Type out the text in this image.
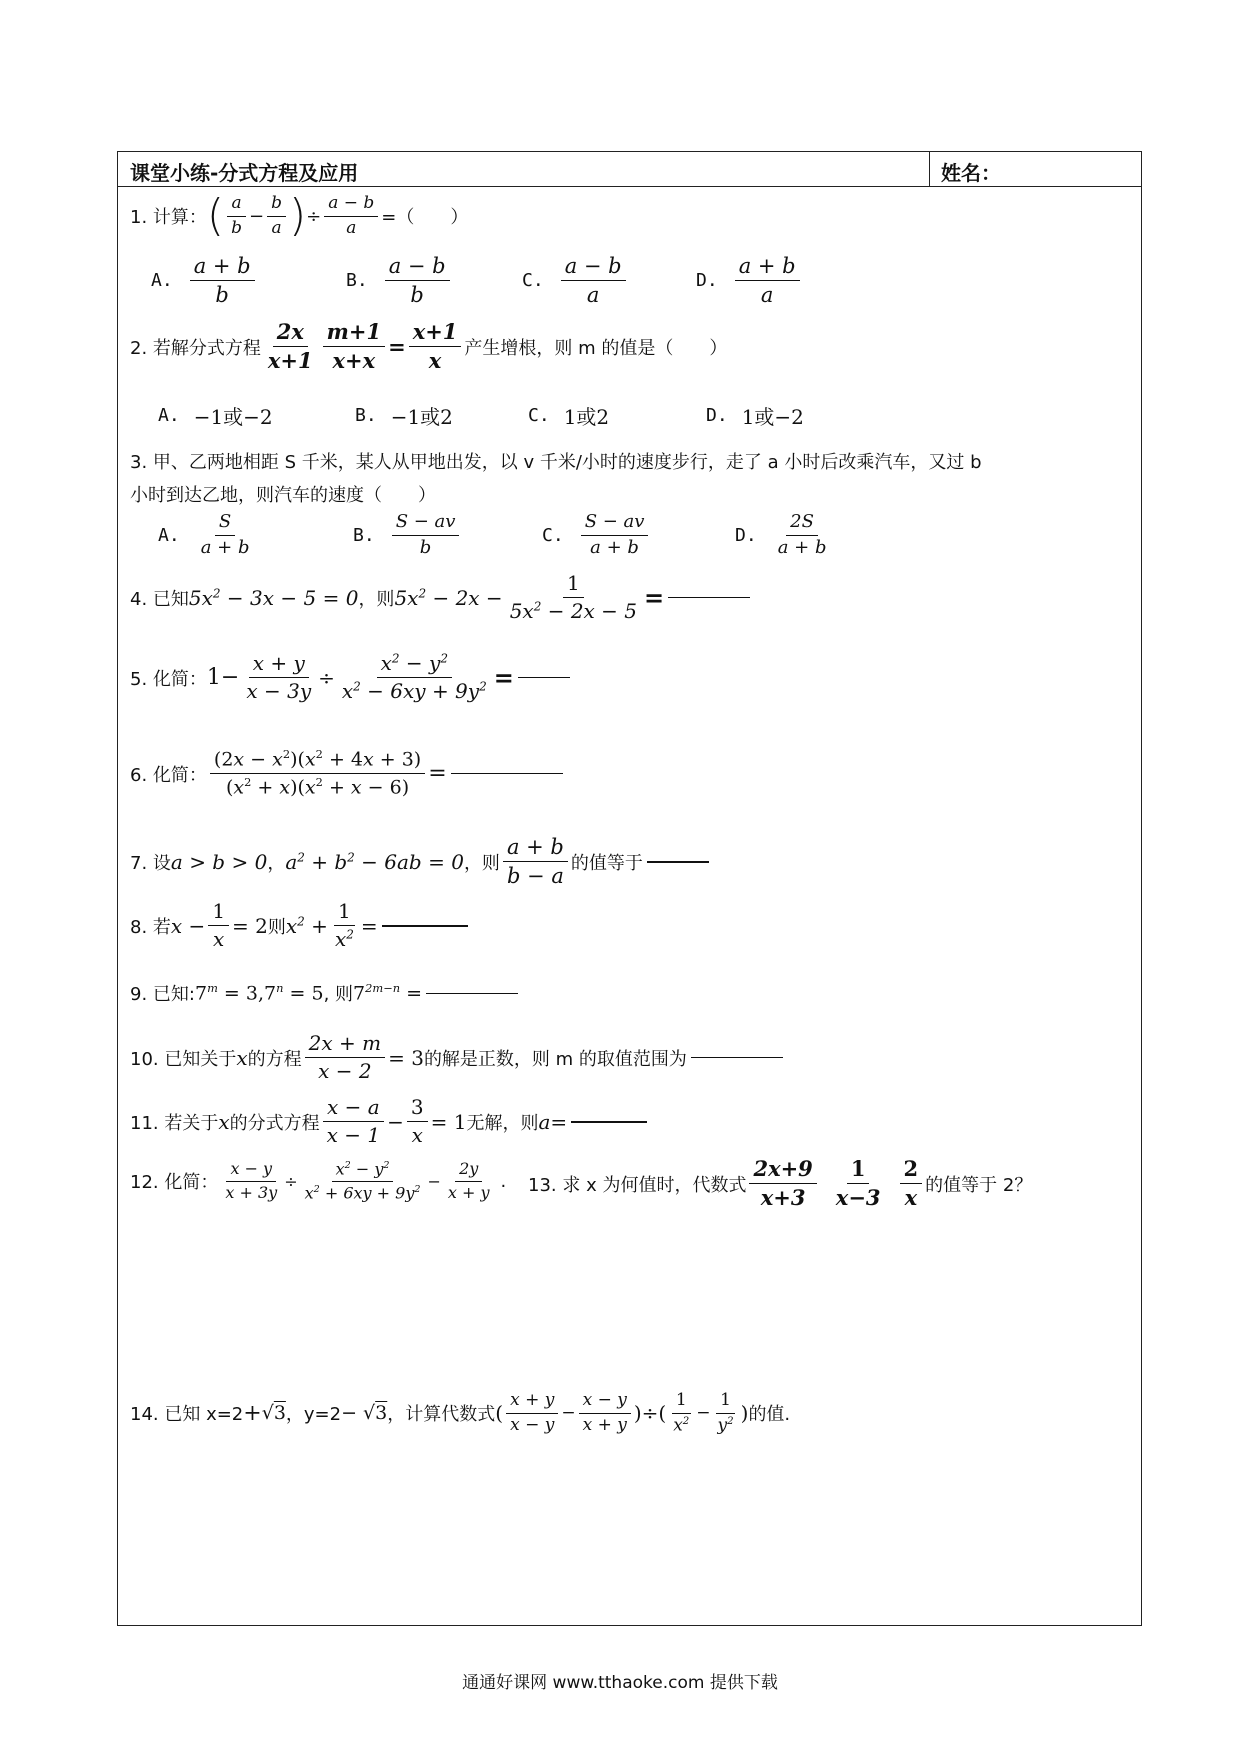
课堂小练-分式方程及应用	姓名：
1. 计算： ( $\frac{a}{b} - \frac{b}{a}$ ) ÷ $\frac{a - b}{a}$ =（　　）
A. $\frac{a + b}{b}$	B. $\frac{a - b}{b}$	C. $\frac{a - b}{a}$	D. $\frac{a + b}{a}$
2. 若解分式方程 $\frac{2x}{x+1} \frac{m+1}{x+x} = \frac{x+1}{x}$ 产生增根，则 m 的值是（　　）
A. −1或−2	B. −1或2	C. 1或2	D. 1或−2
3. 甲、乙两地相距 S 千米，某人从甲地出发，以 v 千米/小时的速度步行，走了 a 小时后改乘汽车，又过 b
小时到达乙地，则汽车的速度（　　）
A. $\frac{S}{a + b}$	B. $\frac{S - av}{b}$	C. $\frac{S - av}{a + b}$	D. $\frac{2S}{a + b}$
4. 已知 $5x^2 - 3x - 5 = 0$ ，则 $5x^2 - 2x - \frac{1}{5x^2 - 2x - 5}$ =
5. 化简： $1- \frac{x + y}{x - 3y} \div \frac{x^2 - y^2}{x^2 - 6xy + 9y^2}$ =
6. 化简： $\frac{(2x - x^2)(x^2 + 4x + 3)}{(x^2 + x)(x^2 + x - 6)}$ =
7. 设 a > b > 0 ， $a^2 + b^2 - 6ab = 0$ ，则 $\frac{a + b}{b - a}$ 的值等于
8. 若 $x - \frac{1}{x} = 2$ 则 $x^2 + \frac{1}{x^2}$ =
9. 已知: $7^m = 3,7^n = 5$ , 则 $7^{2m-n}$ =
10. 已知关于 x 的方程 $\frac{2x + m}{x - 2} = 3$ 的解是正数，则 m 的取值范围为
11. 若关于 x 的分式方程 $\frac{x - a}{x - 1} - \frac{3}{x} = 1$ 无解，则 a =
12. 化简： $\frac{x - y}{x + 3y} \div \frac{x^2 - y^2}{x^2 + 6xy + 9y^2} - \frac{2y}{x + y}$ . 13. 求 x 为何值时，代数式 $\frac{2x+9}{x+3} \frac{1}{x-3} \frac{2}{x}$ 的值等于 2？
14. 已知 x=2 + √3 ，y=2 − √3 ，计算代数式 ( $\frac{x + y}{x - y} - \frac{x - y}{x + y}$ )÷( $\frac{1}{x^2} - \frac{1}{y^2}$ ) 的值.
通通好课网 www.tthaoke.com 提供下载
